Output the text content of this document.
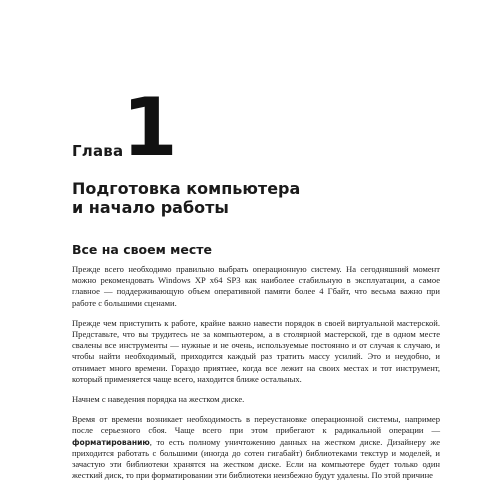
Глава
1
Подготовка компьютера
и начало работы
Все на своем месте

Прежде всего необходимо правильно выбрать операционную систему. На сегодняшний момент можно рекомендовать Windows XP x64 SP3 как наиболее стабильную в эксплуатации, а самое главное — поддерживающую объем оперативной памяти более 4 Гбайт, что весьма важно при работе с большими сценами.

Прежде чем приступить к работе, крайне важно навести порядок в своей виртуальной мастерской. Представьте, что вы трудитесь не за компьютером, а в столярной мастерской, где в одном месте свалены все инструменты — нужные и не очень, используемые постоянно и от случая к случаю, и чтобы найти необходимый, приходится каждый раз тратить массу усилий. Это и неудобно, и отнимает много времени. Гораздо приятнее, когда все лежит на своих местах и тот инструмент, который применяется чаще всего, находится ближе остальных.

Начнем с наведения порядка на жестком диске.

Время от времени возникает необходимость в переустановке операционной системы, например после серьезного сбоя. Чаще всего при этом прибегают к радикальной операции — форматированию, то есть полному уничтожению данных на жестком диске. Дизайнеру же приходится работать с большими (иногда до сотен гигабайт) библиотеками текстур и моделей, и зачастую эти библиотеки хранятся на жестком диске. Если на компьютере будет только один жесткий диск, то при форматировании эти библиотеки неизбежно будут удалены. По этой причине
